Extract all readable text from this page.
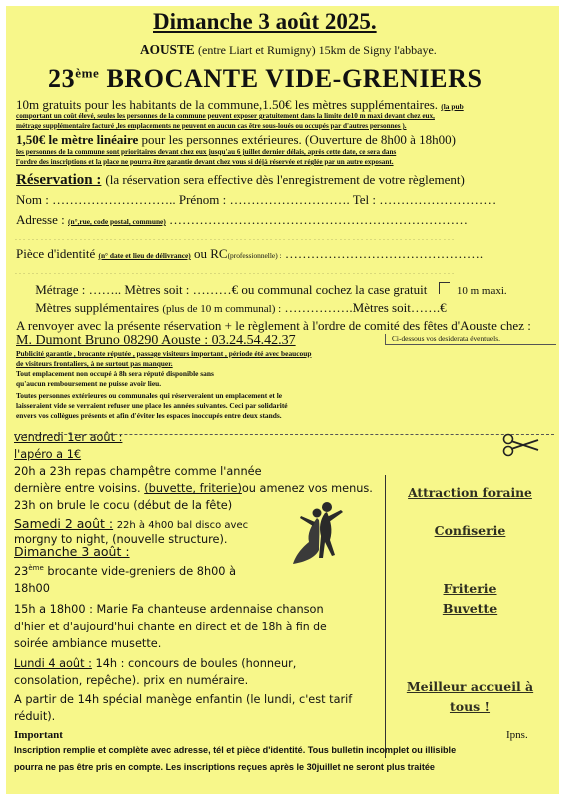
Dimanche 3 août 2025.
AOUSTE (entre Liart et Rumigny) 15km de Signy l'abbaye.
23ème BROCANTE VIDE-GRENIERS
10m gratuits pour les habitants de la commune,1.50€ les mètres supplémentaires. (la pub
comportant un coût élevé, seules les personnes de la commune peuvent exposer gratuitement dans la limite de10 m maxi devant chez eux,
métrage supplémentaire facturé ,les emplacements ne peuvent en aucun cas être sous-loués ou occupés par d'autres personnes ).
1,50€ le mètre linéaire pour les personnes extérieures. (Ouverture de 8h00 à 18h00)
les personnes de la commune sont prioritaires devant chez eux jusqu'au 6 juillet dernier délais, après cette date, ce sera dans
l'ordre des inscriptions et la place ne pourra être garantie devant chez vous si déjà réservée et réglée par un autre exposant.
Réservation : (la réservation sera effective dès l'enregistrement de votre règlement)
Nom : ……………………….. Prénom : ………………………. Tel : ………………………
Adresse : (n°,rue, code postal, commune) ……………………………………………………………
…………………………………………………………………………………………
Pièce d'identité (n° date et lieu de délivrance) ou RC(professionnelle) : ……………………………………….
…………………………………………………………………………………………
Métrage : …….. Mètres soit : ………€ ou communal cochez la case gratuit	10 m maxi.
Mètres supplémentaires (plus de 10 m communal) : …………….Mètres soit…….€
A renvoyer avec la présente réservation + le règlement à l'ordre de comité des fêtes d'Aouste chez :
M. Dumont Bruno 08290 Aouste : 03.24.54.42.37	Ci-dessous vos desiderata éventuels.
Publicité garantie , brocante réputée , passage visiteurs important , période été avec beaucoup
de visiteurs frontaliers, à ne surtout pas manquer.
Tout emplacement non occupé à 8h sera réputé disponible sans
qu'aucun remboursement ne puisse avoir lieu.
Toutes personnes extérieures ou communales qui réserveraient un emplacement et le
laisseraient vide se verraient refuser une place les années suivantes. Ceci par solidarité
envers vos collègues présents et afin d'éviter les espaces inoccupés entre deux stands.
vendredi 1er août :
l'apéro a 1€
20h a 23h repas champêtre comme l'année
dernière entre voisins. (buvette, friterie)ou amenez vos menus.
23h on brule le cocu (début de la fête)
Samedi 2 août : 22h à 4h00 bal disco avec
morgny to night, (nouvelle structure).
Dimanche 3 août :
23ème brocante vide-greniers de 8h00 à
18h00
15h a 18h00 : Marie Fa chanteuse ardennaise chanson
d'hier et d'aujourd'hui chante en direct et de 18h à fin de
soirée ambiance musette.
Lundi 4 août : 14h : concours de boules (honneur,
consolation, repêche). prix en numéraire.
A partir de 14h spécial manège enfantin (le lundi, c'est tarif
réduit).
Attraction foraine
Confiserie
Friterie
Buvette
Meilleur accueil à
tous !
Important	Ipns.
Inscription remplie et complète avec adresse, tél et pièce d'identité. Tous bulletin incomplet ou illisible
pourra ne pas être pris en compte. Les inscriptions reçues après le 30juillet ne seront plus traitée
